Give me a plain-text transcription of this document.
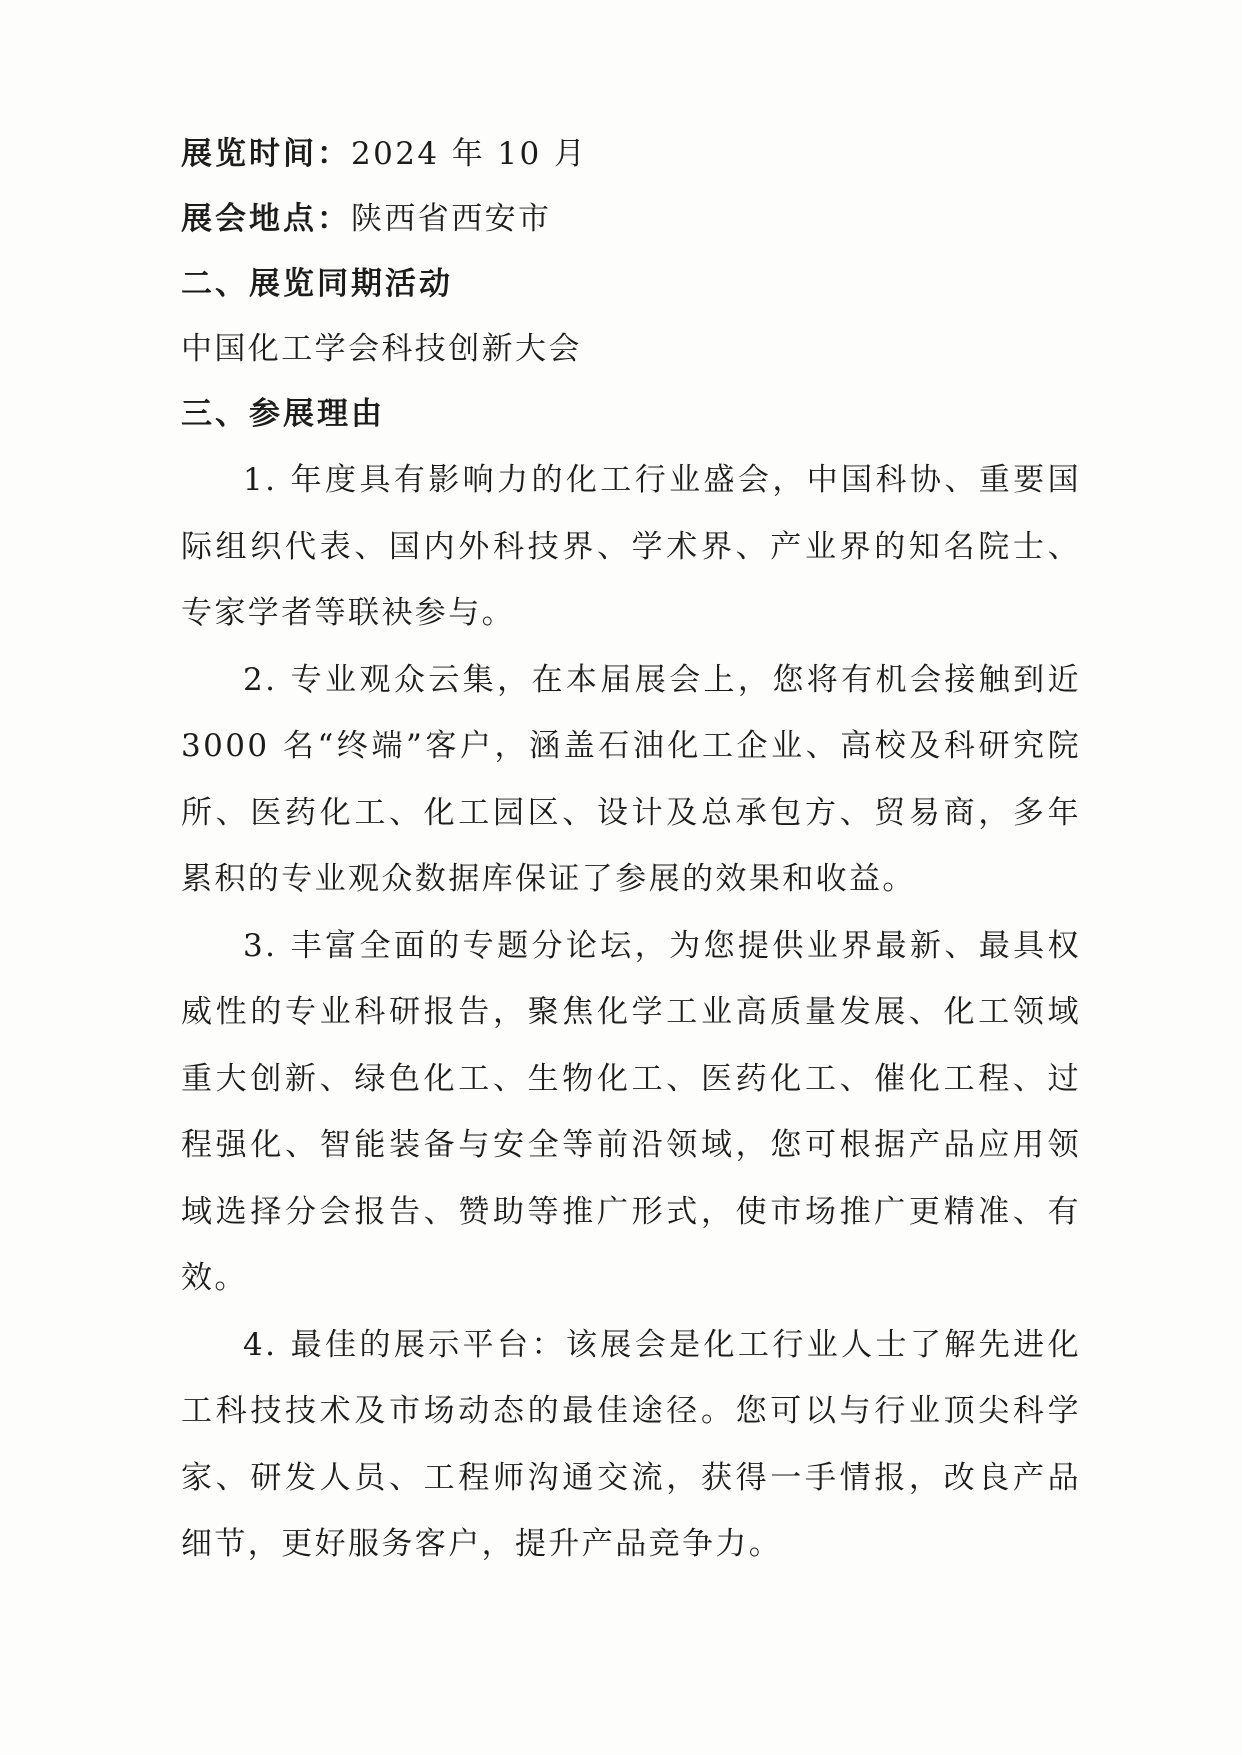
展览时间：2024 年 10 月
展会地点：陕西省西安市
二、展览同期活动
中国化工学会科技创新大会
三、参展理由

1. 年度具有影响力的化工行业盛会，中国科协、重要国际组织代表、国内外科技界、学术界、产业界的知名院士、专家学者等联袂参与。

2. 专业观众云集，在本届展会上，您将有机会接触到近 3000 名“终端”客户，涵盖石油化工企业、高校及科研究院所、医药化工、化工园区、设计及总承包方、贸易商，多年累积的专业观众数据库保证了参展的效果和收益。

3. 丰富全面的专题分论坛，为您提供业界最新、最具权威性的专业科研报告，聚焦化学工业高质量发展、化工领域重大创新、绿色化工、生物化工、医药化工、催化工程、过程强化、智能装备与安全等前沿领域，您可根据产品应用领域选择分会报告、赞助等推广形式，使市场推广更精准、有效。

4. 最佳的展示平台：该展会是化工行业人士了解先进化工科技技术及市场动态的最佳途径。您可以与行业顶尖科学家、研发人员、工程师沟通交流，获得一手情报，改良产品细节，更好服务客户，提升产品竞争力。
